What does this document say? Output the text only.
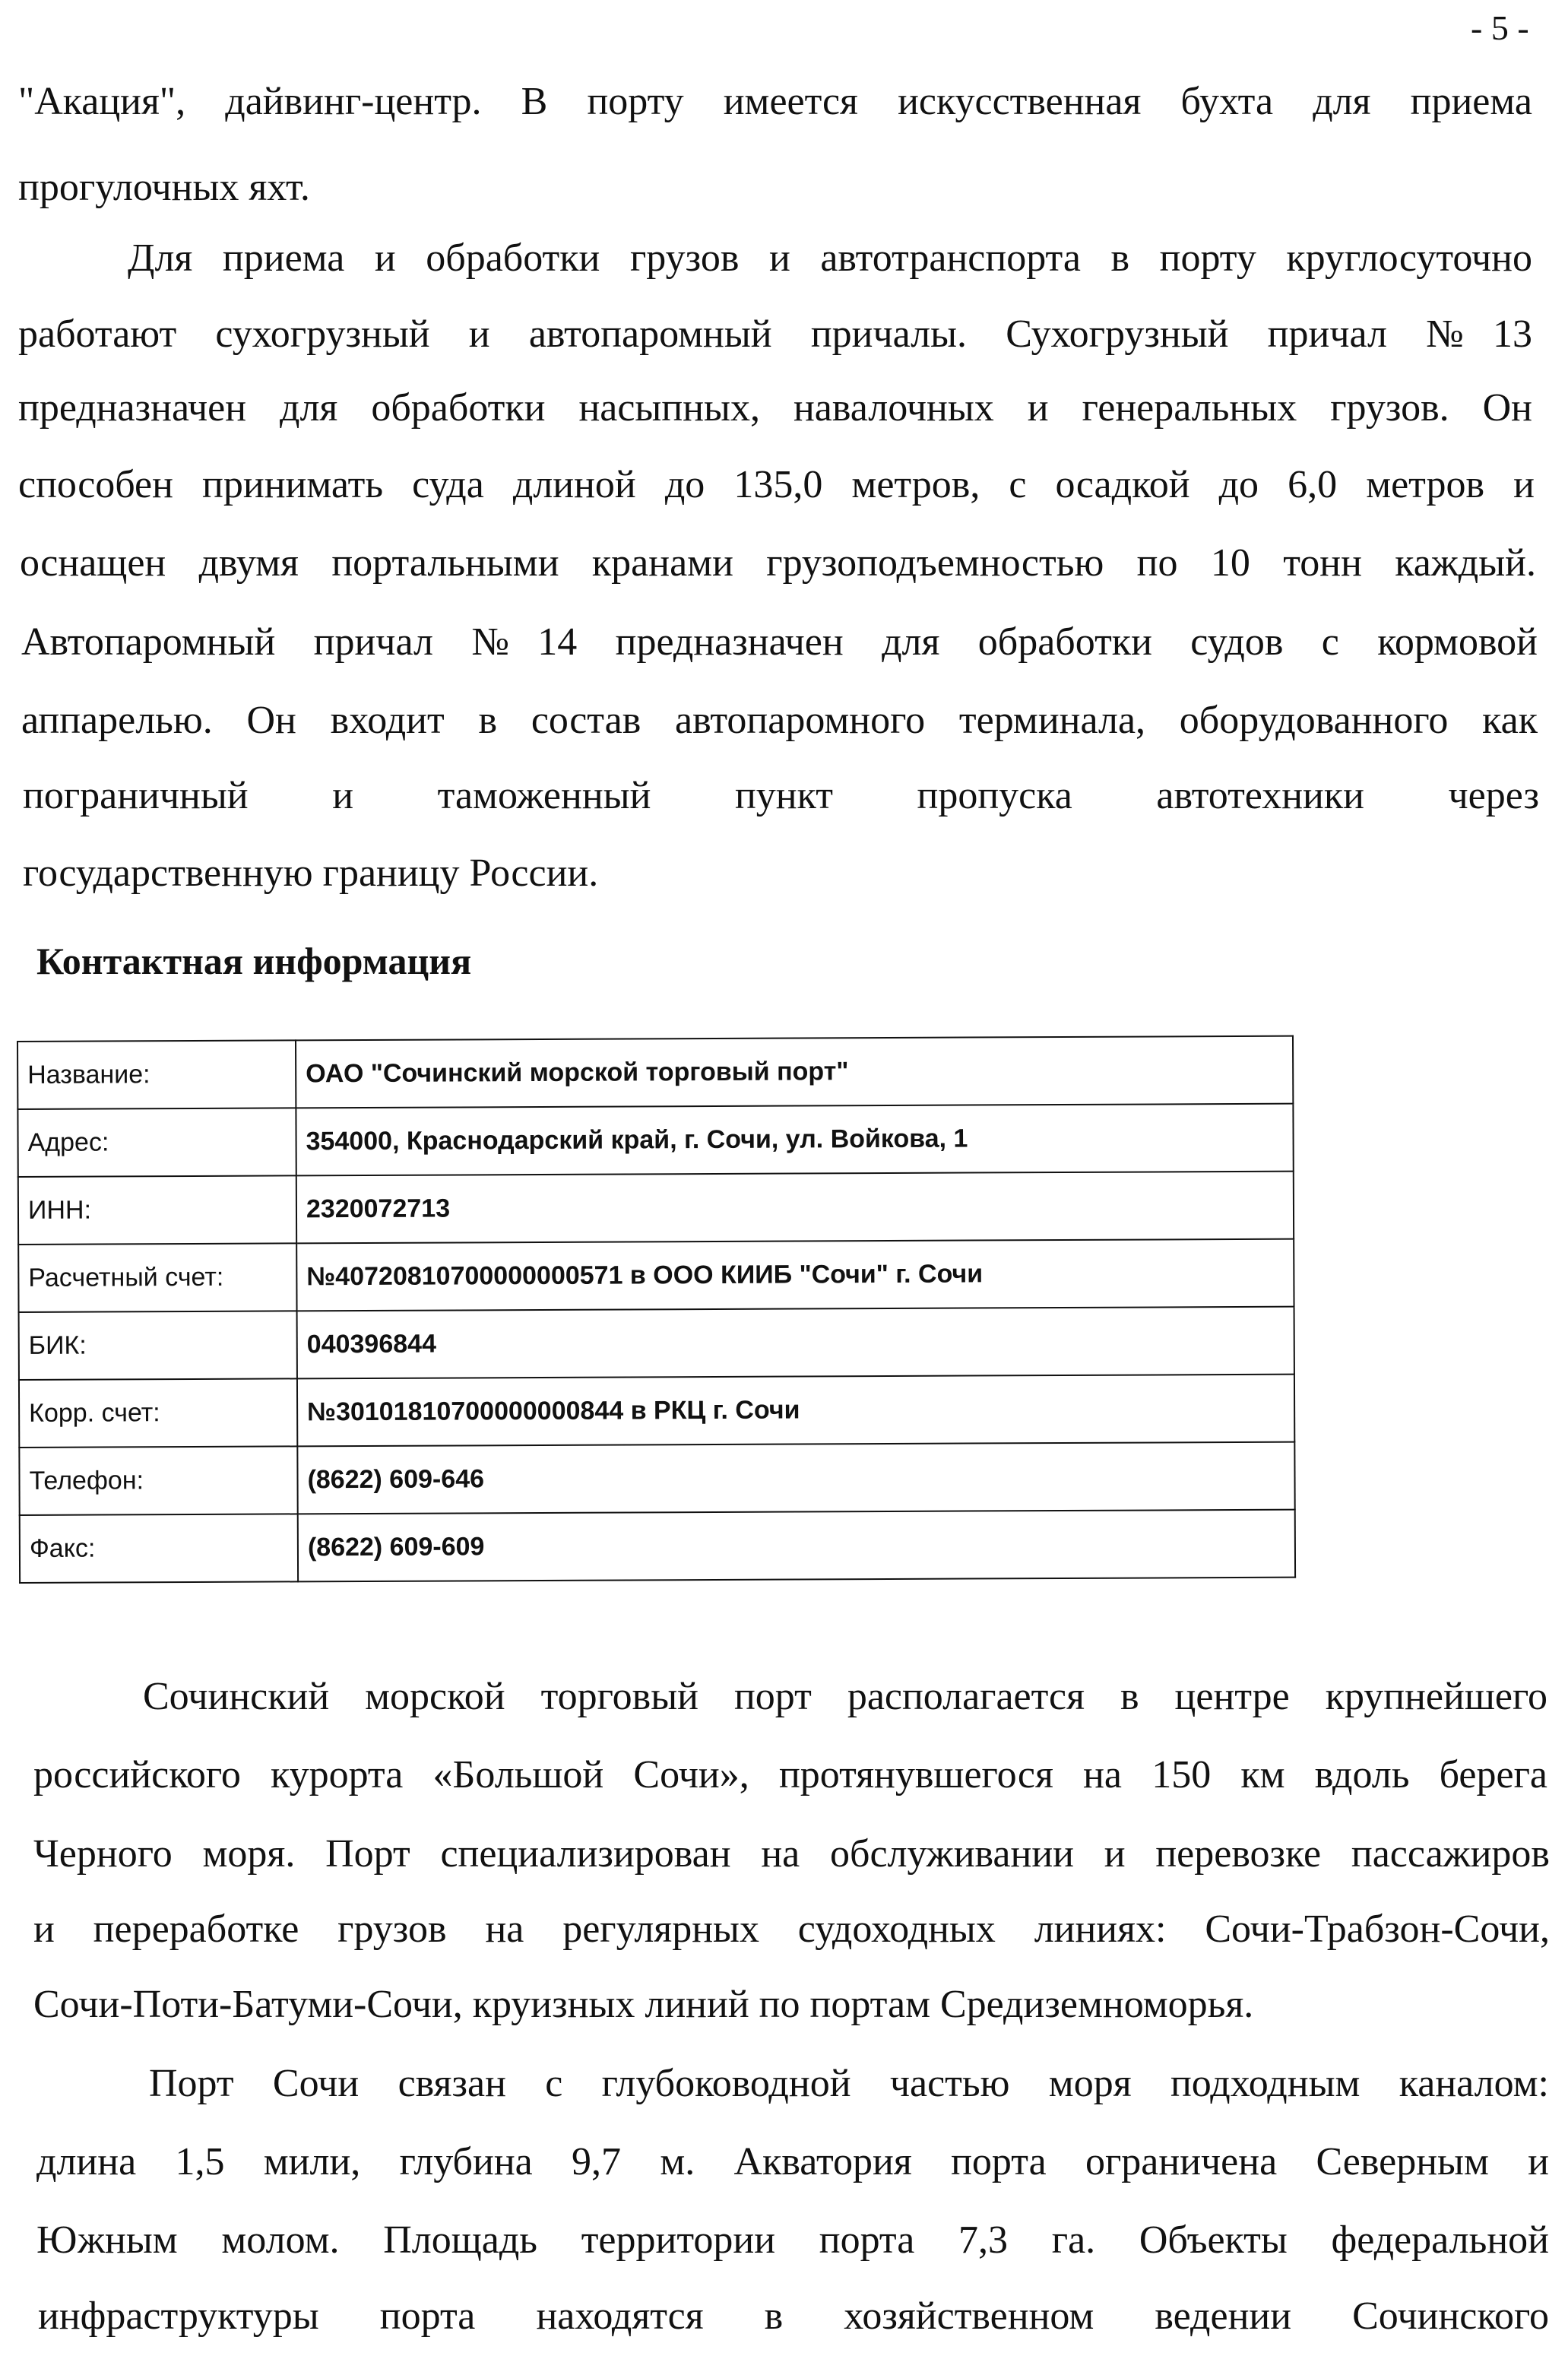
- 5 -
"Акация", дайвинг-центр. В порту имеется искусственная бухта для приема
прогулочных яхт.
Для приема и обработки грузов и автотранспорта в порту круглосуточно
работают сухогрузный и автопаромный причалы. Сухогрузный причал №13
предназначен для обработки насыпных, навалочных и генеральных грузов. Он
способен принимать суда длиной до 135,0 метров, с осадкой до 6,0 метров и
оснащен двумя портальными кранами грузоподъемностью по 10 тонн каждый.
Автопаромный причал №14 предназначен для обработки судов с кормовой
аппарелью. Он входит в состав автопаромного терминала, оборудованного как
пограничный и таможенный пункт пропуска автотехники через
государственную границу России.
Контактная информация
Название:	ОАО "Сочинский морской торговый порт"
Адрес:	354000, Краснодарский край, г. Сочи, ул. Войкова, 1
ИНН:	2320072713
Расчетный счет:	№40720810700000000571 в ООО КИИБ "Сочи" г. Сочи
БИК:	040396844
Корр. счет:	№30101810700000000844 в РКЦ г. Сочи
Телефон:	(8622) 609-646
Факс:	(8622) 609-609
Сочинский морской торговый порт располагается в центре крупнейшего
российского курорта «Большой Сочи», протянувшегося на 150 км вдоль берега
Черного моря. Порт специализирован на обслуживании и перевозке пассажиров
и переработке грузов на регулярных судоходных линиях: Сочи-Трабзон-Сочи,
Сочи-Поти-Батуми-Сочи, круизных линий по портам Средиземноморья.
Порт Сочи связан с глубоководной частью моря подходным каналом:
длина 1,5 мили, глубина 9,7 м. Акватория порта ограничена Северным и
Южным молом. Площадь территории порта 7,3 га. Объекты федеральной
инфраструктуры порта находятся в хозяйственном ведении Сочинского
